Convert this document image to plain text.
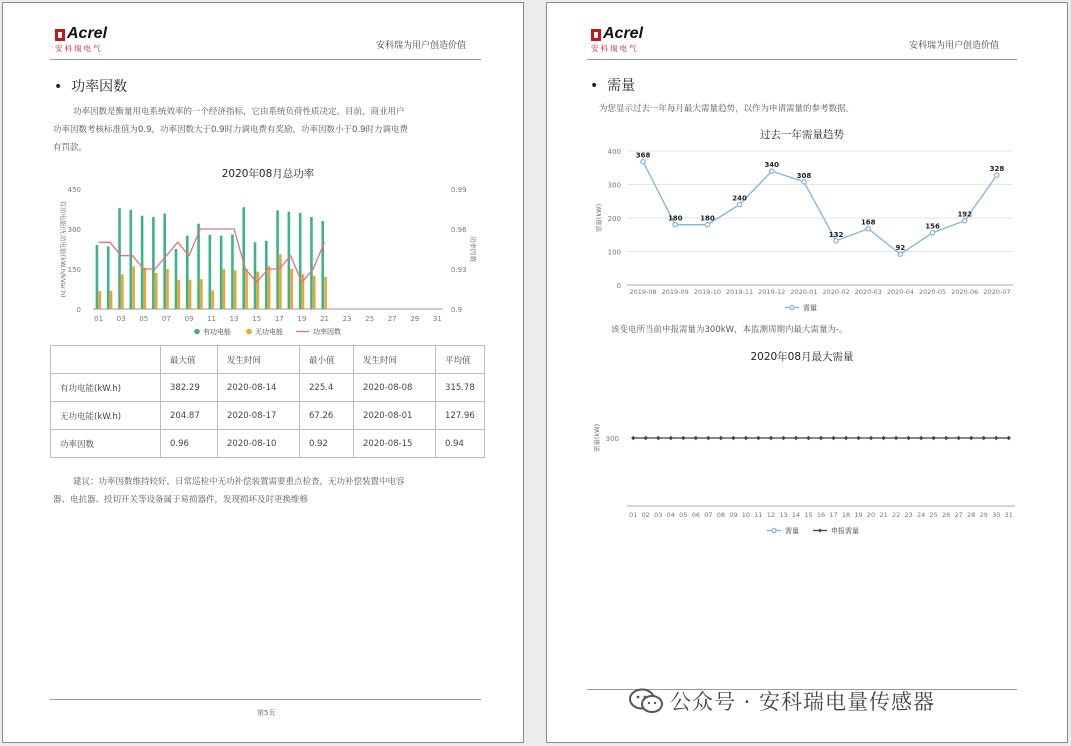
Acrel
安科瑞电气	安科瑞为用户创造价值
•  功率因数
功率因数是衡量用电系统效率的一个经济指标，它由系统负荷性质决定。目前，商业用户
功率因数考核标准值为0.9，功率因数大于0.9时力调电费有奖励，功率因数小于0.9时力调电费
有罚款。
2020年08月总功率
0
150
300
450
0.9
0.93
0.96
0.99
有功电能/无功电能(kW.h/kVar.h)	功率因数
01 03 05 07 09 11 13 15 17 19 21 23 25 27 29 31
有功电能	无功电能	功率因数
	最大值	发生时间	最小值	发生时间	平均值
有功电能(kW.h)	382.29	2020-08-14	225.4	2020-08-08	315.78
无功电能(kW.h)	204.87	2020-08-17	67.26	2020-08-01	127.96
功率因数	0.96	2020-08-10	0.92	2020-08-15	0.94
建议：功率因数维持较好，日常巡检中无功补偿装置需要重点检查，无功补偿装置中电容
器、电抗器、投切开关等设备属于易损器件，发现损坏及时更换维修
第5页
Acrel
安科瑞电气	安科瑞为用户创造价值
•  需量
为您显示过去一年每月最大需量趋势，以作为申请需量的参考数据。
过去一年需量趋势
0
100
200
300
400
需量(kW)
368
180	180
240
340
308
132
168
92
156
192
328
2019-08 2019-09 2019-10 2019-11 2019-12 2020-01 2020-02 2020-03 2020-04 2020-05 2020-06 2020-07
需量
该变电所当前申报需量为300kW，本监测周期内最大需量为-。
2020年08月最大需量
300
需量(kW)
01 02 03 04 05 06 07 08 09 10 11 12 13 14 15 16 17 18 19 20 21 22 23 24 25 26 27 28 29 30 31
需量	申报需量
公众号 · 安科瑞电量传感器
